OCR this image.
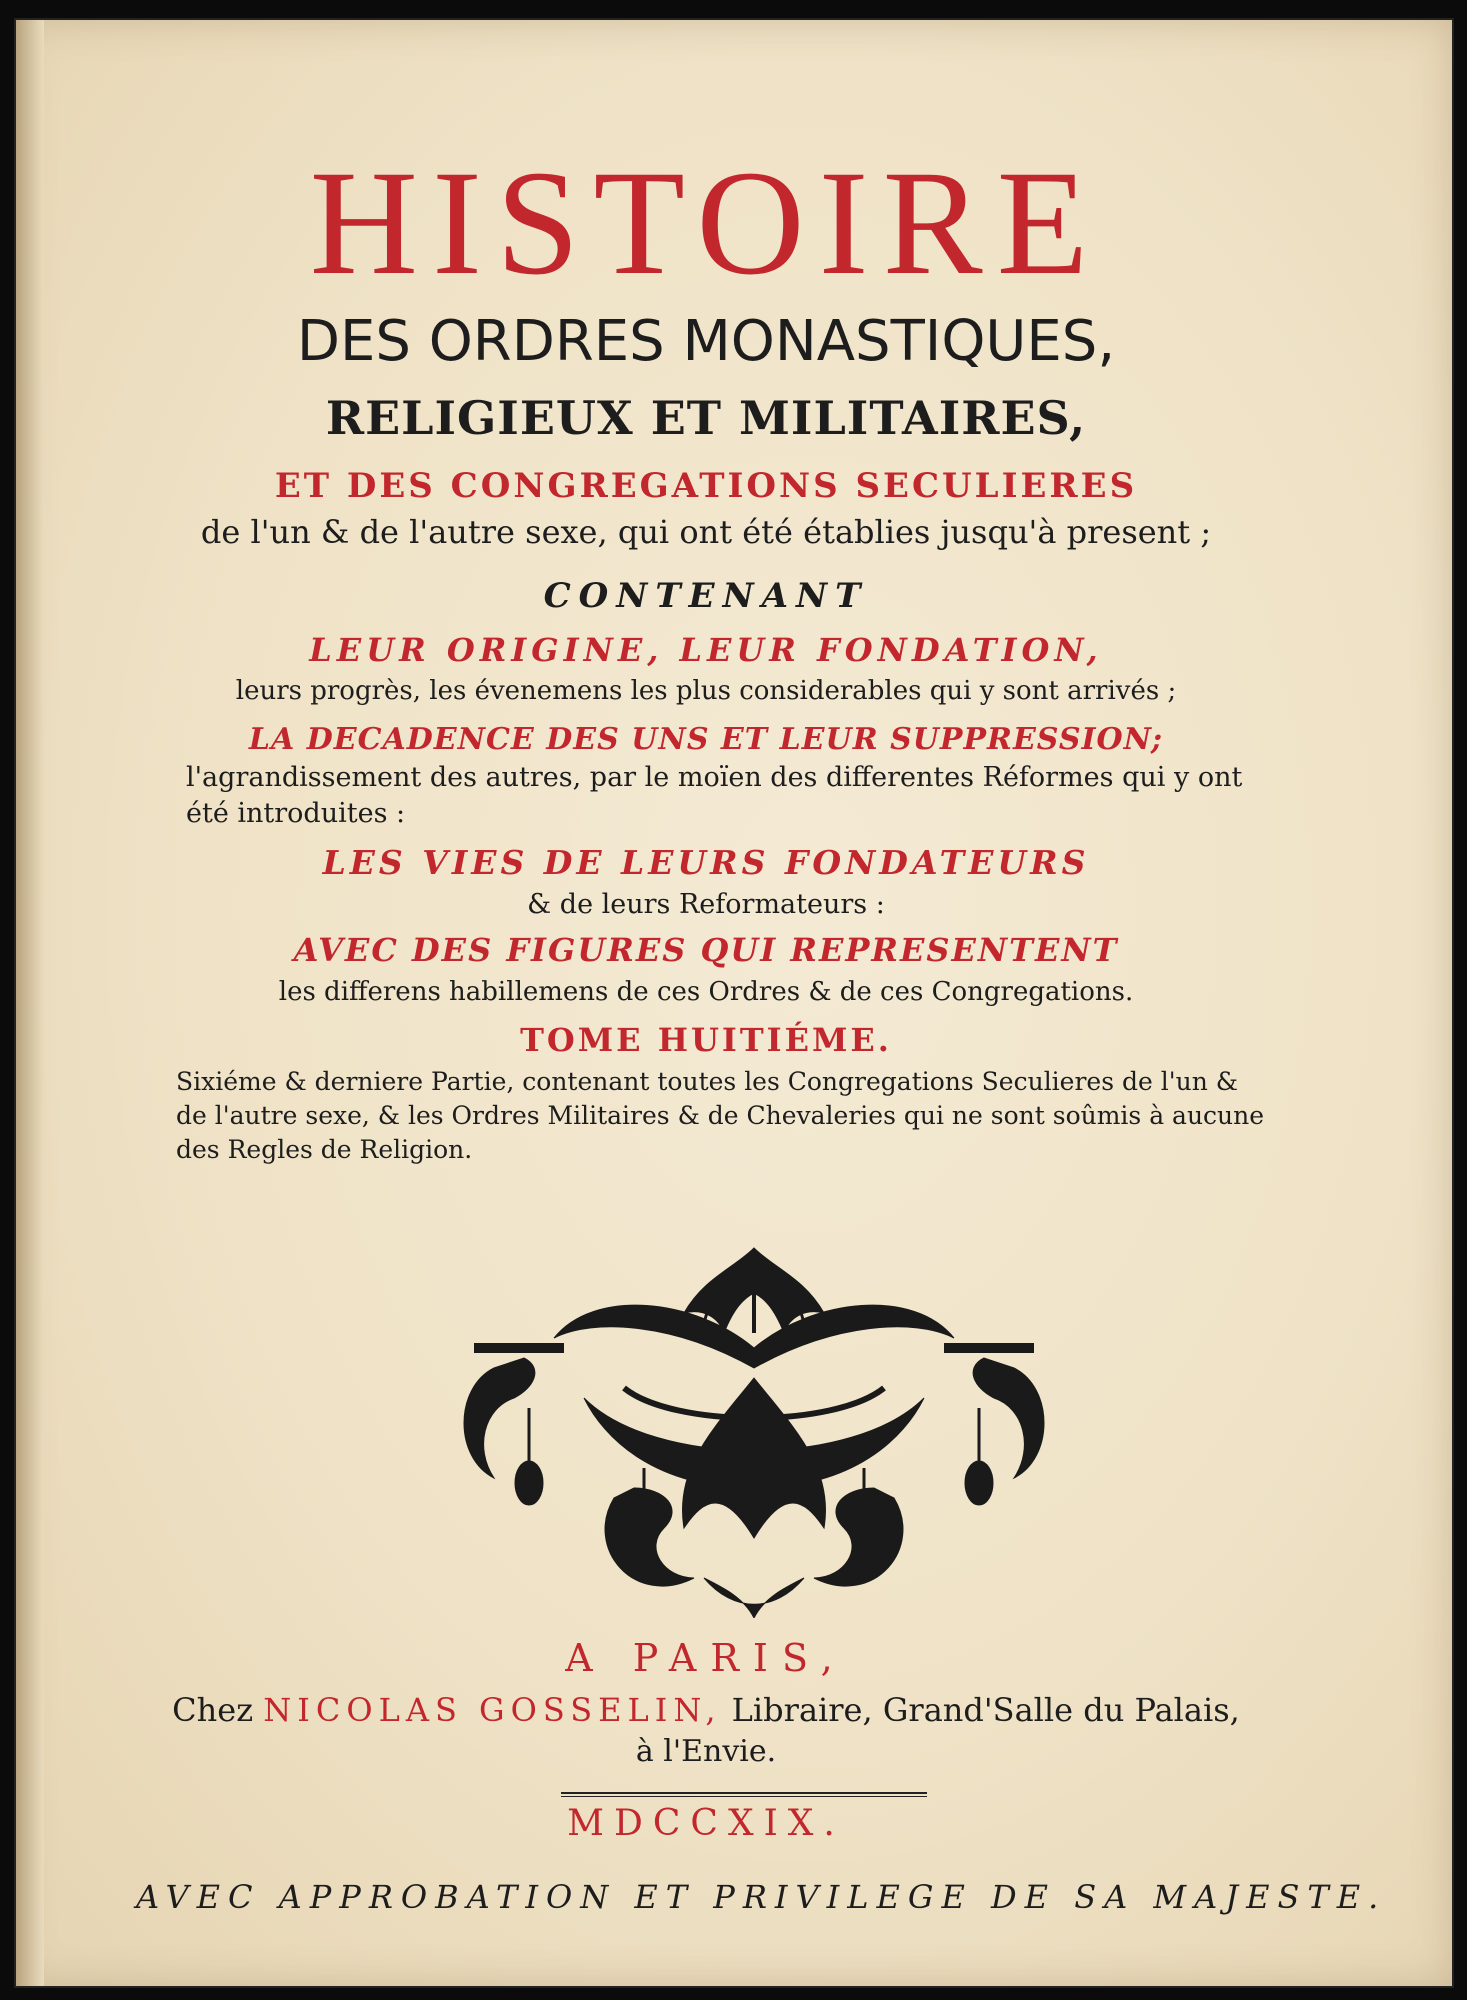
HISTOIRE
DES ORDRES MONASTIQUES,
RELIGIEUX ET MILITAIRES,
ET DES CONGREGATIONS SECULIERES
de l'un & de l'autre sexe, qui ont été établies jusqu'à present ;
CONTENANT
LEUR ORIGINE, LEUR FONDATION,
leurs progrès, les évenemens les plus considerables qui y sont arrivés ;
LA DECADENCE DES UNS ET LEUR SUPPRESSION;
l'agrandissement des autres, par le moïen des differentes Réformes qui y ont été introduites :
LES VIES DE LEURS FONDATEURS
& de leurs Reformateurs :
AVEC DES FIGURES QUI REPRESENTENT
les differens habillemens de ces Ordres & de ces Congregations.
TOME HUITIÉME.
Sixiéme & derniere Partie, contenant toutes les Congregations Seculieres de l'un & de l'autre sexe, & les Ordres Militaires & de Chevaleries qui ne sont soûmis à aucune des Regles de Religion.
A PARIS,
Chez NICOLAS GOSSELIN, Libraire, Grand'Salle du Palais,
à l'Envie.
MDCCXIX.
AVEC APPROBATION ET PRIVILEGE DE SA MAJESTE.
